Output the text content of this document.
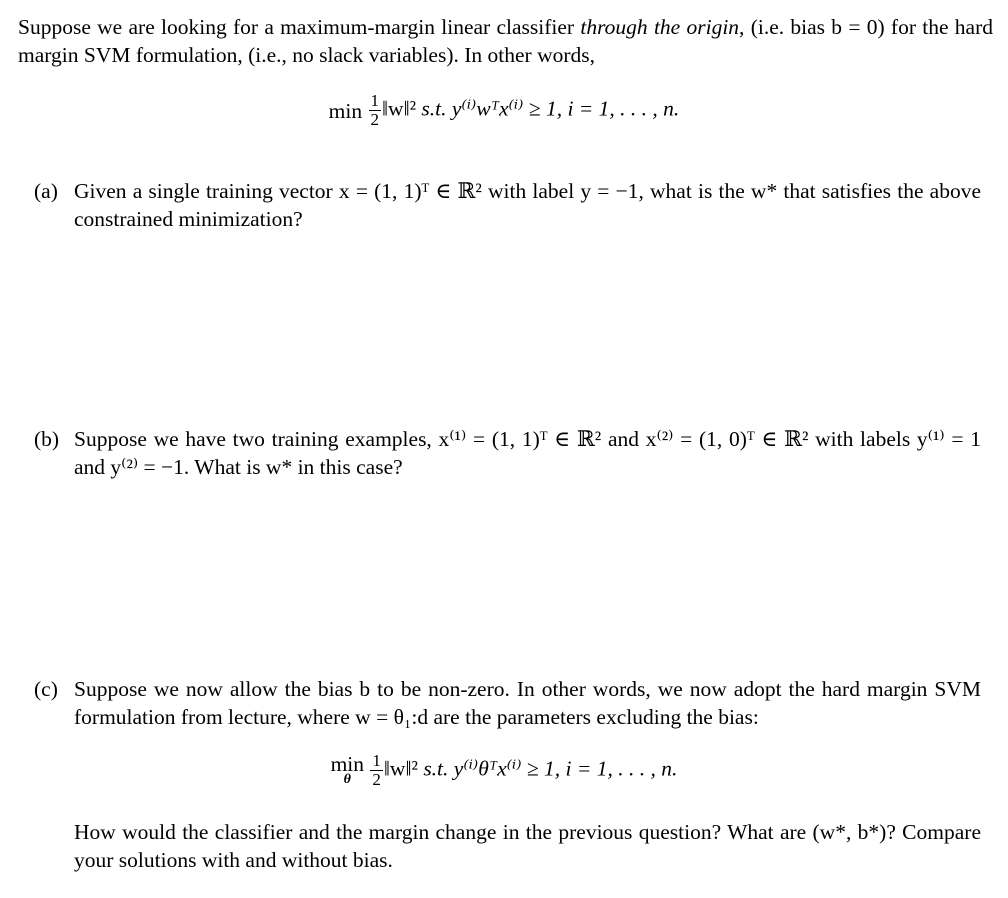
Suppose we are looking for a maximum-margin linear classifier through the origin, (i.e. bias b = 0) for the hard margin SVM formulation, (i.e., no slack variables). In other words,
$\min \frac{1}{2}$ ‖w‖² s.t. y⁽ⁱ⁾wᵀx⁽ⁱ⁾ ≥ 1, i = 1, . . . , n.
(a) Given a single training vector x = (1, 1)ᵀ ∈ ℝ² with label y = −1, what is the w* that satisfies the above constrained minimization?
(b) Suppose we have two training examples, x⁽¹⁾ = (1, 1)ᵀ ∈ ℝ² and x⁽²⁾ = (1, 0)ᵀ ∈ ℝ² with labels y⁽¹⁾ = 1 and y⁽²⁾ = −1. What is w* in this case?
(c) Suppose we now allow the bias b to be non-zero. In other words, we now adopt the hard margin SVM formulation from lecture, where w = θ₁:d are the parameters excluding the bias:
min
θ
	$\frac{1}{2}$ ‖w‖² s.t. y⁽ⁱ⁾θᵀx⁽ⁱ⁾ ≥ 1, i = 1, . . . , n.
How would the classifier and the margin change in the previous question? What are (w*, b*)? Compare your solutions with and without bias.
